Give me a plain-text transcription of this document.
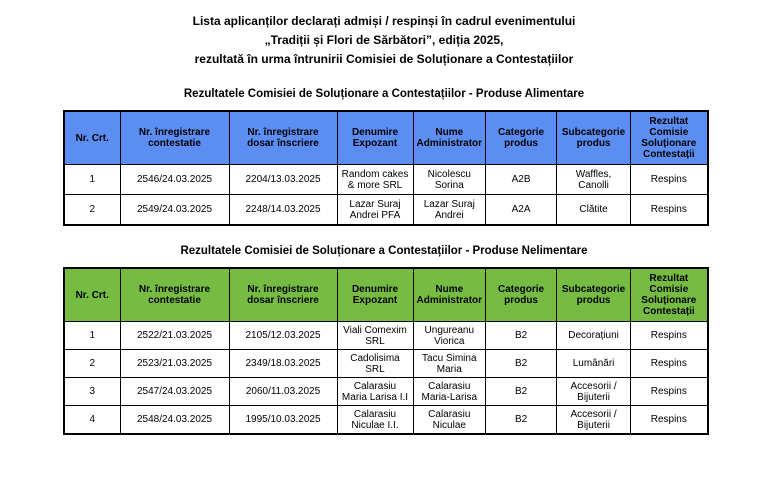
Lista aplicanților declarați admiși / respinși în cadrul evenimentului
„Tradiții și Flori de Sărbători”, ediția 2025,
rezultată în urma întrunirii Comisiei de Soluționare a Contestațiilor
Rezultatele Comisiei de Soluționare a Contestațiilor - Produse Alimentare
Nr. Crt.	Nr. înregistrare contestatie	Nr. înregistrare dosar înscriere	Denumire Expozant	Nume Administrator	Categorie produs	Subcategorie produs	Rezultat Comisie Soluționare Contestații
1	2546/24.03.2025	2204/13.03.2025	Random cakes & more SRL	Nicolescu Sorina	A2B	Waffles, Canolli	Respins
2	2549/24.03.2025	2248/14.03.2025	Lazar Suraj Andrei PFA	Lazar Suraj Andrei	A2A	Clătite	Respins
Rezultatele Comisiei de Soluționare a Contestațiilor - Produse Nelimentare
Nr. Crt.	Nr. înregistrare contestatie	Nr. înregistrare dosar înscriere	Denumire Expozant	Nume Administrator	Categorie produs	Subcategorie produs	Rezultat Comisie Soluționare Contestații
1	2522/21.03.2025	2105/12.03.2025	Viali Comexim SRL	Ungureanu Viorica	B2	Decorațiuni	Respins
2	2523/21.03.2025	2349/18.03.2025	Cadolisima SRL	Tacu Simina Maria	B2	Lumânări	Respins
3	2547/24.03.2025	2060/11.03.2025	Calarasiu Maria Larisa I.I	Calarasiu Maria-Larisa	B2	Accesorii / Bijuterii	Respins
4	2548/24.03.2025	1995/10.03.2025	Calarasiu Niculae I.I.	Calarasiu Niculae	B2	Accesorii / Bijuterii	Respins
